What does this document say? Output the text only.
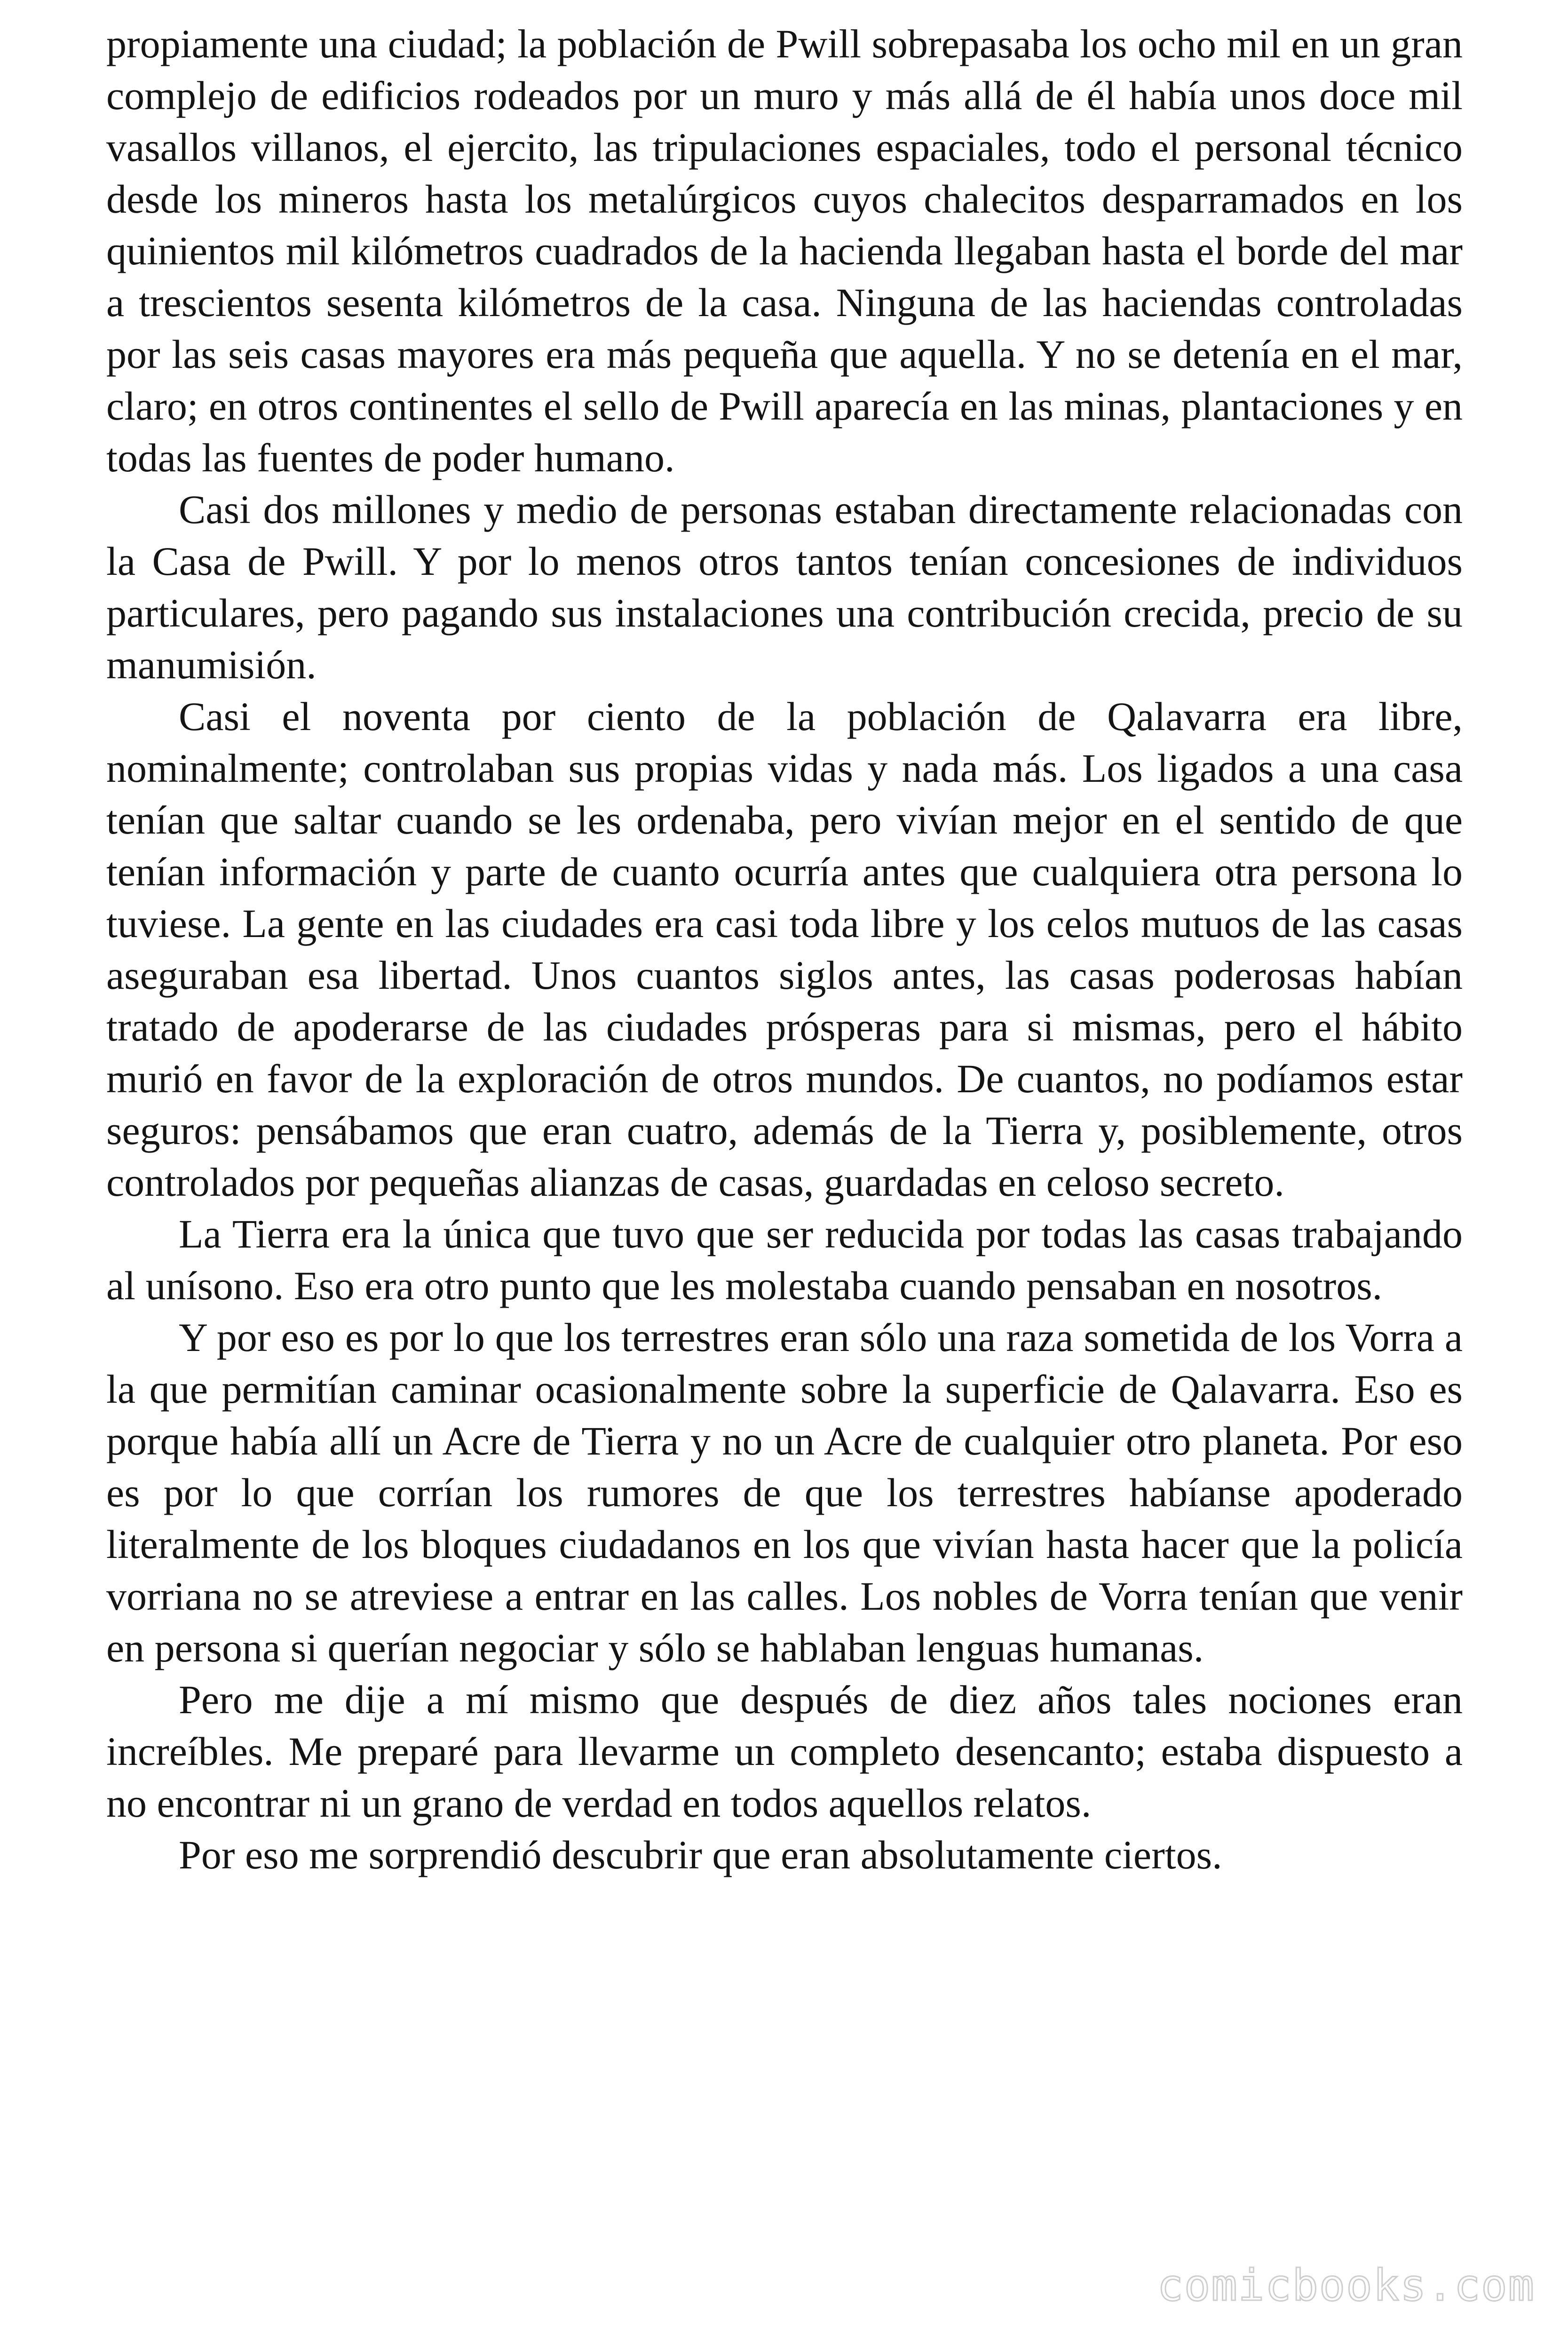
propiamente una ciudad; la población de Pwill sobrepasaba los ocho mil en un gran complejo de edificios rodeados por un muro y más allá de él había unos doce mil vasallos villanos, el ejercito, las tripulaciones espaciales, todo el personal técnico desde los mineros hasta los metalúrgicos cuyos chalecitos desparramados en los quinientos mil kilómetros cuadrados de la hacienda llegaban hasta el borde del mar a trescientos sesenta kilómetros de la casa. Ninguna de las haciendas controladas por las seis casas mayores era más pequeña que aquella. Y no se detenía en el mar, claro; en otros continentes el sello de Pwill aparecía en las minas, plantaciones y en todas las fuentes de poder humano.

Casi dos millones y medio de personas estaban directamente relacionadas con la Casa de Pwill. Y por lo menos otros tantos tenían concesiones de individuos particulares, pero pagando sus instalaciones una contribución crecida, precio de su manumisión.

Casi el noventa por ciento de la población de Qalavarra era libre, nominalmente; controlaban sus propias vidas y nada más. Los ligados a una casa tenían que saltar cuando se les ordenaba, pero vivían mejor en el sentido de que tenían información y parte de cuanto ocurría antes que cualquiera otra persona lo tuviese. La gente en las ciudades era casi toda libre y los celos mutuos de las casas aseguraban esa libertad. Unos cuantos siglos antes, las casas poderosas habían tratado de apoderarse de las ciudades prósperas para si mismas, pero el hábito murió en favor de la exploración de otros mundos. De cuantos, no podíamos estar seguros: pensábamos que eran cuatro, además de la Tierra y, posiblemente, otros controlados por pequeñas alianzas de casas, guardadas en celoso secreto.

La Tierra era la única que tuvo que ser reducida por todas las casas trabajando al unísono. Eso era otro punto que les molestaba cuando pensaban en nosotros.

Y por eso es por lo que los terrestres eran sólo una raza sometida de los Vorra a la que permitían caminar ocasionalmente sobre la superficie de Qalavarra. Eso es porque había allí un Acre de Tierra y no un Acre de cualquier otro planeta. Por eso es por lo que corrían los rumores de que los terrestres habíanse apoderado literalmente de los bloques ciudadanos en los que vivían hasta hacer que la policía vorriana no se atreviese a entrar en las calles. Los nobles de Vorra tenían que venir en persona si querían negociar y sólo se hablaban lenguas humanas.

Pero me dije a mí mismo que después de diez años tales nociones eran increíbles. Me preparé para llevarme un completo desencanto; estaba dispuesto a no encontrar ni un grano de verdad en todos aquellos relatos.

Por eso me sorprendió descubrir que eran absolutamente ciertos.

comicbooks.com
